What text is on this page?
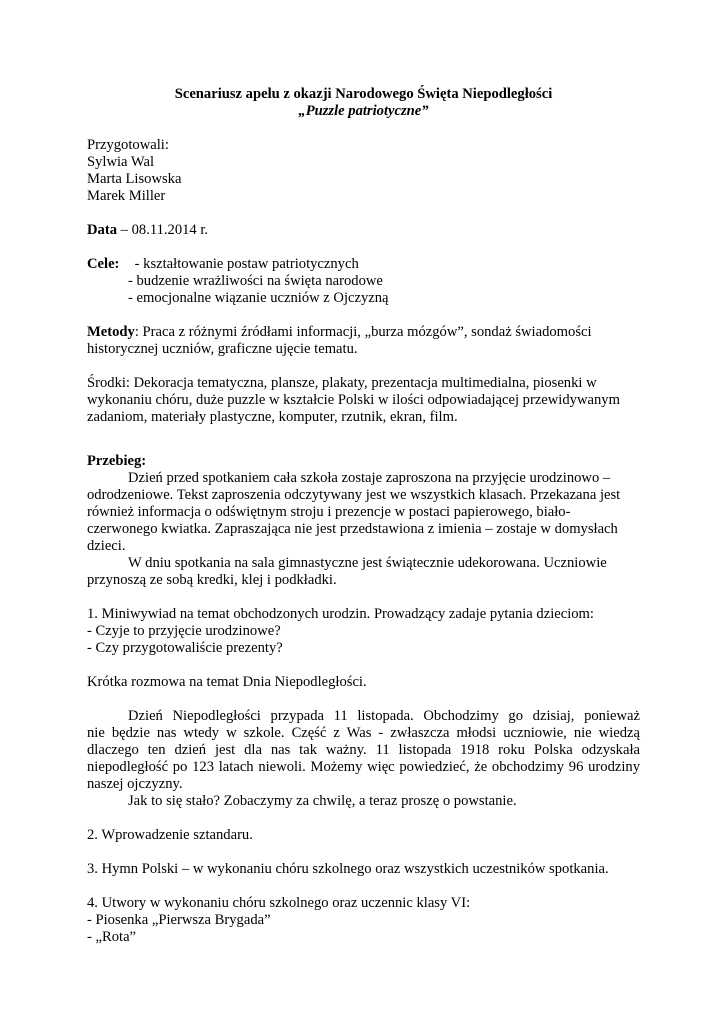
Scenariusz apelu z okazji Narodowego Święta Niepodległości
„Puzzle patriotyczne”
Przygotowali:
Sylwia Wal
Marta Lisowska
Marek Miller
Data – 08.11.2014 r.
Cele: - kształtowanie postaw patriotycznych
- budzenie wrażliwości na święta narodowe
- emocjonalne wiązanie uczniów z Ojczyzną
Metody: Praca z różnymi źródłami informacji, „burza mózgów”, sondaż świadomości
historycznej uczniów, graficzne ujęcie tematu.
Środki: Dekoracja tematyczna, plansze, plakaty, prezentacja multimedialna, piosenki w
wykonaniu chóru, duże puzzle w kształcie Polski w ilości odpowiadającej przewidywanym
zadaniom, materiały plastyczne, komputer, rzutnik, ekran, film.
Przebieg:
Dzień przed spotkaniem cała szkoła zostaje zaproszona na przyjęcie urodzinowo –
odrodzeniowe. Tekst zaproszenia odczytywany jest we wszystkich klasach. Przekazana jest
również informacja o odświętnym stroju i prezencje w postaci papierowego, biało-
czerwonego kwiatka. Zapraszająca nie jest przedstawiona z imienia – zostaje w domysłach
dzieci.
W dniu spotkania na sala gimnastyczne jest świątecznie udekorowana. Uczniowie
przynoszą ze sobą kredki, klej i podkładki.
1. Miniwywiad na temat obchodzonych urodzin. Prowadzący zadaje pytania dzieciom:
- Czyje to przyjęcie urodzinowe?
- Czy przygotowaliście prezenty?
Krótka rozmowa na temat Dnia Niepodległości.
Dzień Niepodległości przypada 11 listopada. Obchodzimy go dzisiaj, ponieważ
nie będzie nas wtedy w szkole. Część z Was - zwłaszcza młodsi uczniowie, nie wiedzą
dlaczego ten dzień jest dla nas tak ważny. 11 listopada 1918 roku Polska odzyskała
niepodległość po 123 latach niewoli. Możemy więc powiedzieć, że obchodzimy 96 urodziny
naszej ojczyzny.
Jak to się stało? Zobaczymy za chwilę, a teraz proszę o powstanie.
2. Wprowadzenie sztandaru.
3. Hymn Polski – w wykonaniu chóru szkolnego oraz wszystkich uczestników spotkania.
4. Utwory w wykonaniu chóru szkolnego oraz uczennic klasy VI:
- Piosenka „Pierwsza Brygada”
- „Rota”
